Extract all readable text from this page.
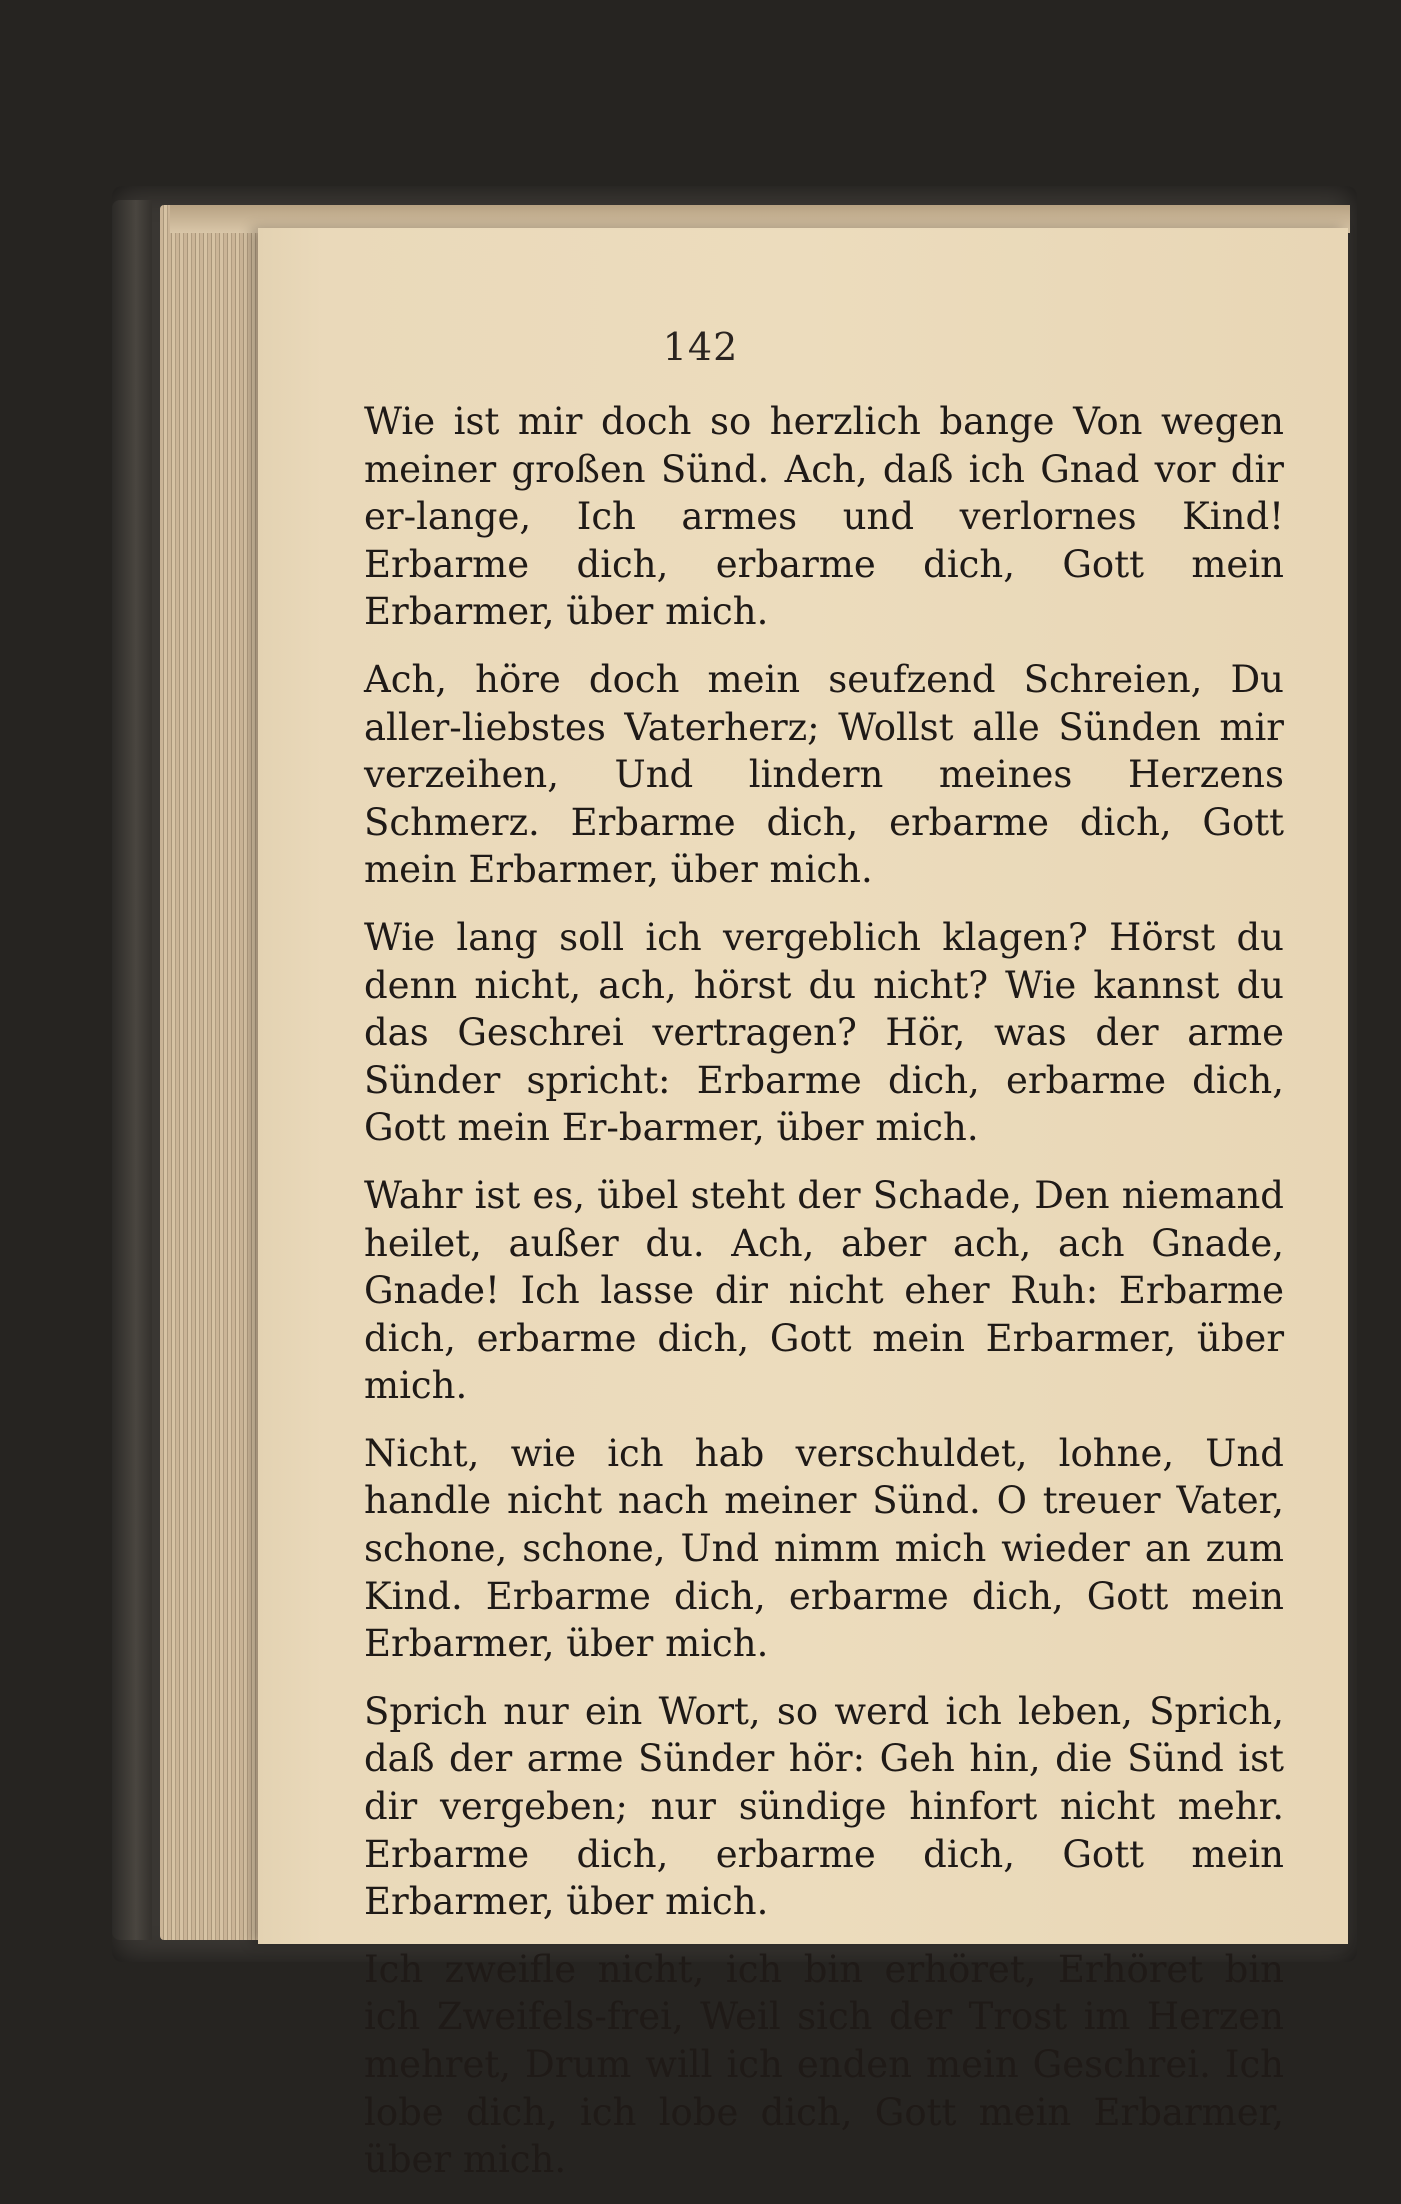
142

Wie ist mir doch so herzlich bange Von wegen meiner großen Sünd. Ach, daß ich Gnad vor dir er-lange, Ich armes und verlornes Kind! Erbarme dich, erbarme dich, Gott mein Erbarmer, über mich.

Ach, höre doch mein seufzend Schreien, Du aller-liebstes Vaterherz; Wollst alle Sünden mir verzeihen, Und lindern meines Herzens Schmerz. Erbarme dich, erbarme dich, Gott mein Erbarmer, über mich.

Wie lang soll ich vergeblich klagen? Hörst du denn nicht, ach, hörst du nicht? Wie kannst du das Geschrei vertragen? Hör, was der arme Sünder spricht: Erbarme dich, erbarme dich, Gott mein Er-barmer, über mich.

Wahr ist es, übel steht der Schade, Den niemand heilet, außer du. Ach, aber ach, ach Gnade, Gnade! Ich lasse dir nicht eher Ruh: Erbarme dich, erbarme dich, Gott mein Erbarmer, über mich.

Nicht, wie ich hab verschuldet, lohne, Und handle nicht nach meiner Sünd. O treuer Vater, schone, schone, Und nimm mich wieder an zum Kind. Erbarme dich, erbarme dich, Gott mein Erbarmer, über mich.

Sprich nur ein Wort, so werd ich leben, Sprich, daß der arme Sünder hör: Geh hin, die Sünd ist dir vergeben; nur sündige hinfort nicht mehr. Erbarme dich, erbarme dich, Gott mein Erbarmer, über mich.

Ich zweifle nicht, ich bin erhöret, Erhöret bin ich Zweifels-frei, Weil sich der Trost im Herzen mehret, Drum will ich enden mein Geschrei. Ich lobe dich, ich lobe dich, Gott mein Erbarmer, über mich.
